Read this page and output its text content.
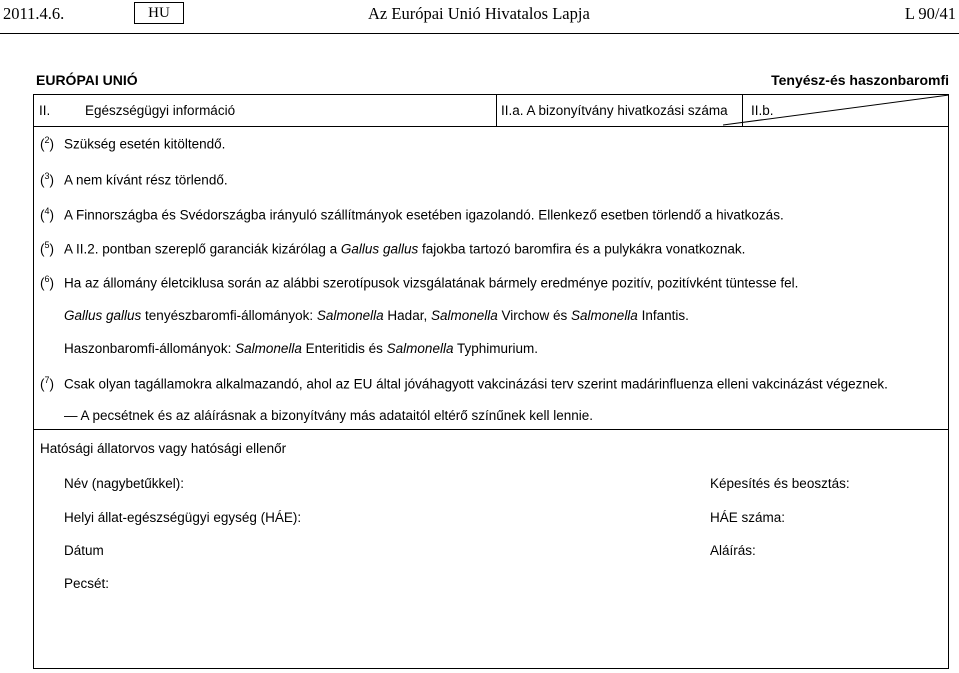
2011.4.6.	HU	Az Európai Unió Hivatalos Lapja	L 90/41
EURÓPAI UNIÓ	Tenyész-és haszonbaromfi
II.	Egészségügyi információ	II.a. A bizonyítvány hivatkozási száma	II.b.
($^2$) Szükség esetén kitöltendő.
($^3$) A nem kívánt rész törlendő.
($^4$) A Finnországba és Svédországba irányuló szállítmányok esetében igazolandó. Ellenkező esetben törlendő a hivatkozás.
($^5$) A II.2. pontban szereplő garanciák kizárólag a Gallus gallus fajokba tartozó baromfira és a pulykákra vonatkoznak.
($^6$) Ha az állomány életciklusa során az alábbi szerotípusok vizsgálatának bármely eredménye pozitív, pozitívként tüntesse fel.
Gallus gallus tenyészbaromfi-állományok: Salmonella Hadar, Salmonella Virchow és Salmonella Infantis.
Haszonbaromfi-állományok: Salmonella Enteritidis és Salmonella Typhimurium.
($^7$) Csak olyan tagállamokra alkalmazandó, ahol az EU által jóváhagyott vakcinázási terv szerint madárinfluenza elleni vakcinázást végeznek.
— A pecsétnek és az aláírásnak a bizonyítvány más adataitól eltérő színűnek kell lennie.
Hatósági állatorvos vagy hatósági ellenőr
Név (nagybetűkkel):	Képesítés és beosztás:
Helyi állat-egészségügyi egység (HÁE):	HÁE száma:
Dátum	Aláírás:
Pecsét:
